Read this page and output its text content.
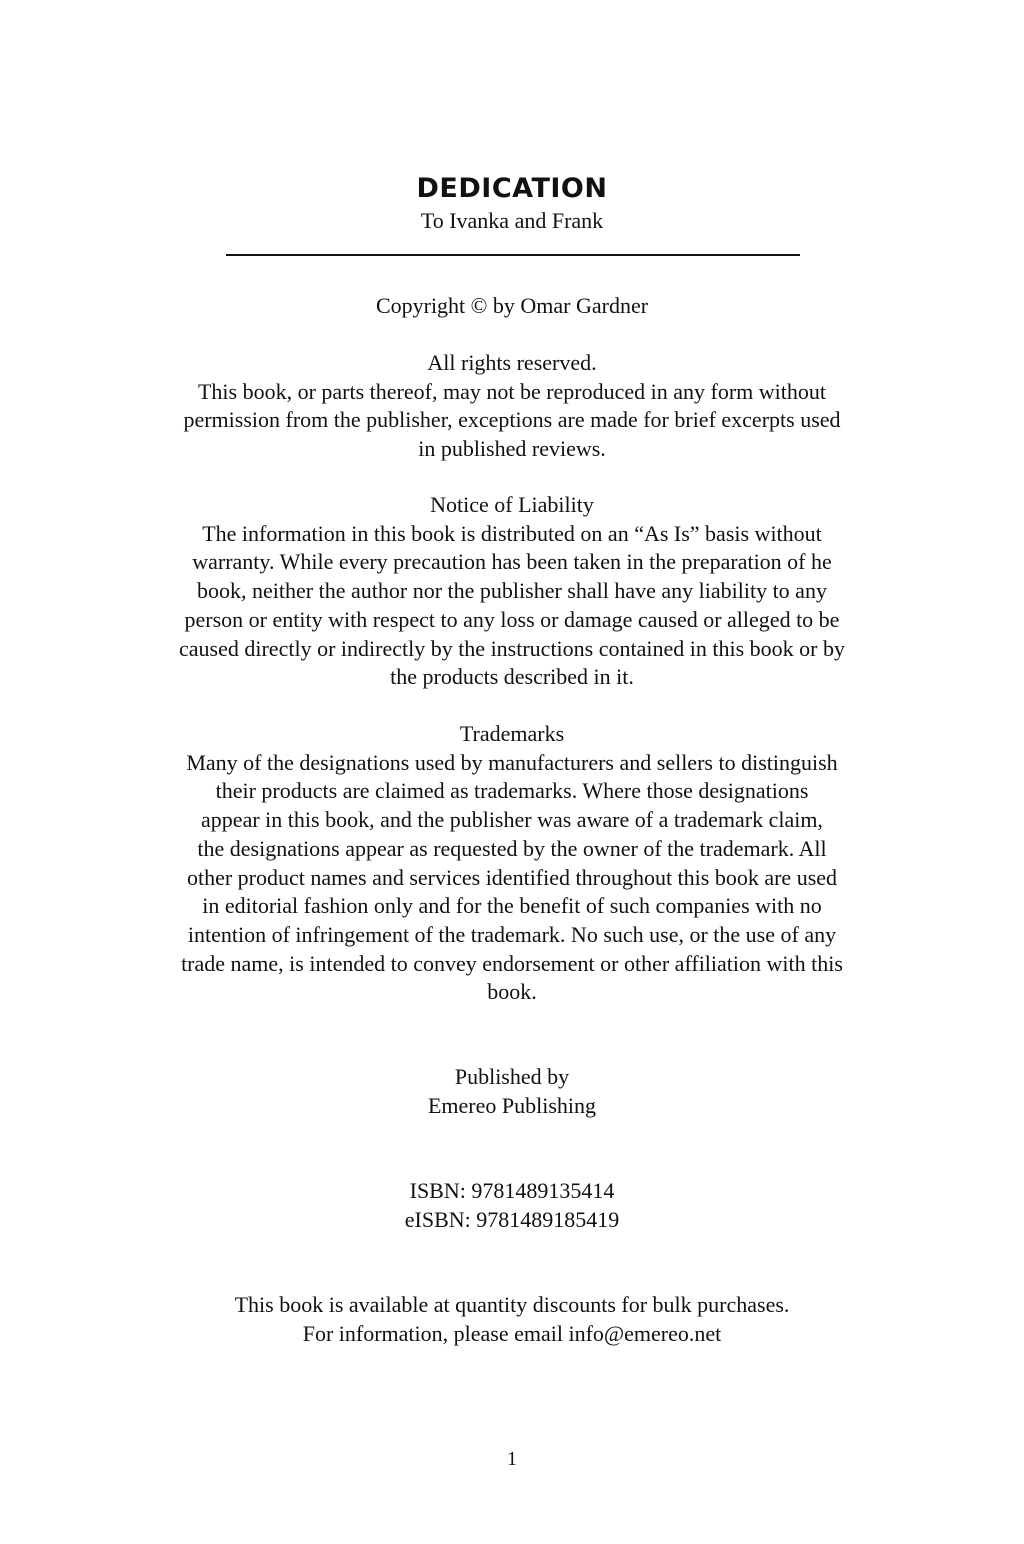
DEDICATION
To Ivanka and Frank
Copyright © by Omar Gardner
All rights reserved.
This book, or parts thereof, may not be reproduced in any form without
permission from the publisher, exceptions are made for brief excerpts used
in published reviews.
Notice of Liability
The information in this book is distributed on an “As Is” basis without
warranty. While every precaution has been taken in the preparation of he
book, neither the author nor the publisher shall have any liability to any
person or entity with respect to any loss or damage caused or alleged to be
caused directly or indirectly by the instructions contained in this book or by
the products described in it.
Trademarks
Many of the designations used by manufacturers and sellers to distinguish
their products are claimed as trademarks. Where those designations
appear in this book, and the publisher was aware of a trademark claim,
the designations appear as requested by the owner of the trademark. All
other product names and services identified throughout this book are used
in editorial fashion only and for the benefit of such companies with no
intention of infringement of the trademark. No such use, or the use of any
trade name, is intended to convey endorsement or other affiliation with this
book.
Published by
Emereo Publishing
ISBN: 9781489135414
eISBN: 9781489185419
This book is available at quantity discounts for bulk purchases.
For information, please email info@emereo.net
1
